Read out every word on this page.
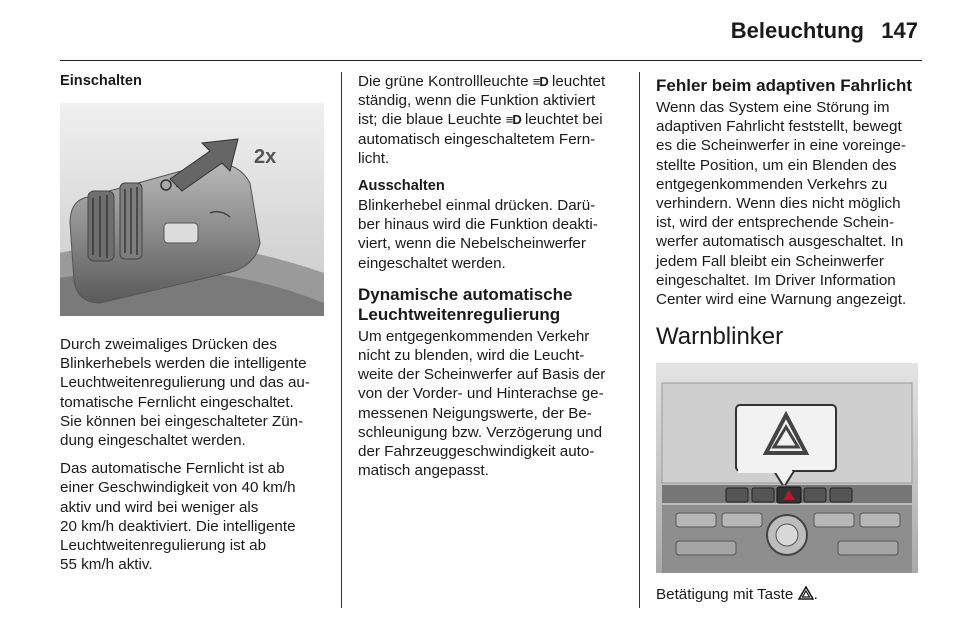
Beleuchtung 147
Einschalten
2x

Durch zweimaliges Drücken des
Blinkerhebels werden die intelligente
Leuchtweitenregulierung und das au-
tomatische Fernlicht eingeschaltet.
Sie können bei eingeschalteter Zün-
dung eingeschaltet werden.

Das automatische Fernlicht ist ab
einer Geschwindigkeit von 40 km/h
aktiv und wird bei weniger als
20 km/h deaktiviert. Die intelligente
Leuchtweitenregulierung ist ab
55 km/h aktiv.

Die grüne Kontrollleuchte ≡D leuchtet
ständig, wenn die Funktion aktiviert
ist; die blaue Leuchte ≡D leuchtet bei
automatisch eingeschaltetem Fern-
licht.

Ausschalten

Blinkerhebel einmal drücken. Darü-
ber hinaus wird die Funktion deakti-
viert, wenn die Nebelscheinwerfer
eingeschaltet werden.

Dynamische automatische
Leuchtweitenregulierung

Um entgegenkommenden Verkehr
nicht zu blenden, wird die Leucht-
weite der Scheinwerfer auf Basis der
von der Vorder- und Hinterachse ge-
messenen Neigungswerte, der Be-
schleunigung bzw. Verzögerung und
der Fahrzeuggeschwindigkeit auto-
matisch angepasst.

Fehler beim adaptiven Fahrlicht

Wenn das System eine Störung im
adaptiven Fahrlicht feststellt, bewegt
es die Scheinwerfer in eine voreinge-
stellte Position, um ein Blenden des
entgegenkommenden Verkehrs zu
verhindern. Wenn dies nicht möglich
ist, wird der entsprechende Schein-
werfer automatisch ausgeschaltet. In
jedem Fall bleibt ein Scheinwerfer
eingeschaltet. Im Driver Information
Center wird eine Warnung angezeigt.

Warnblinker

Betätigung mit Taste .
